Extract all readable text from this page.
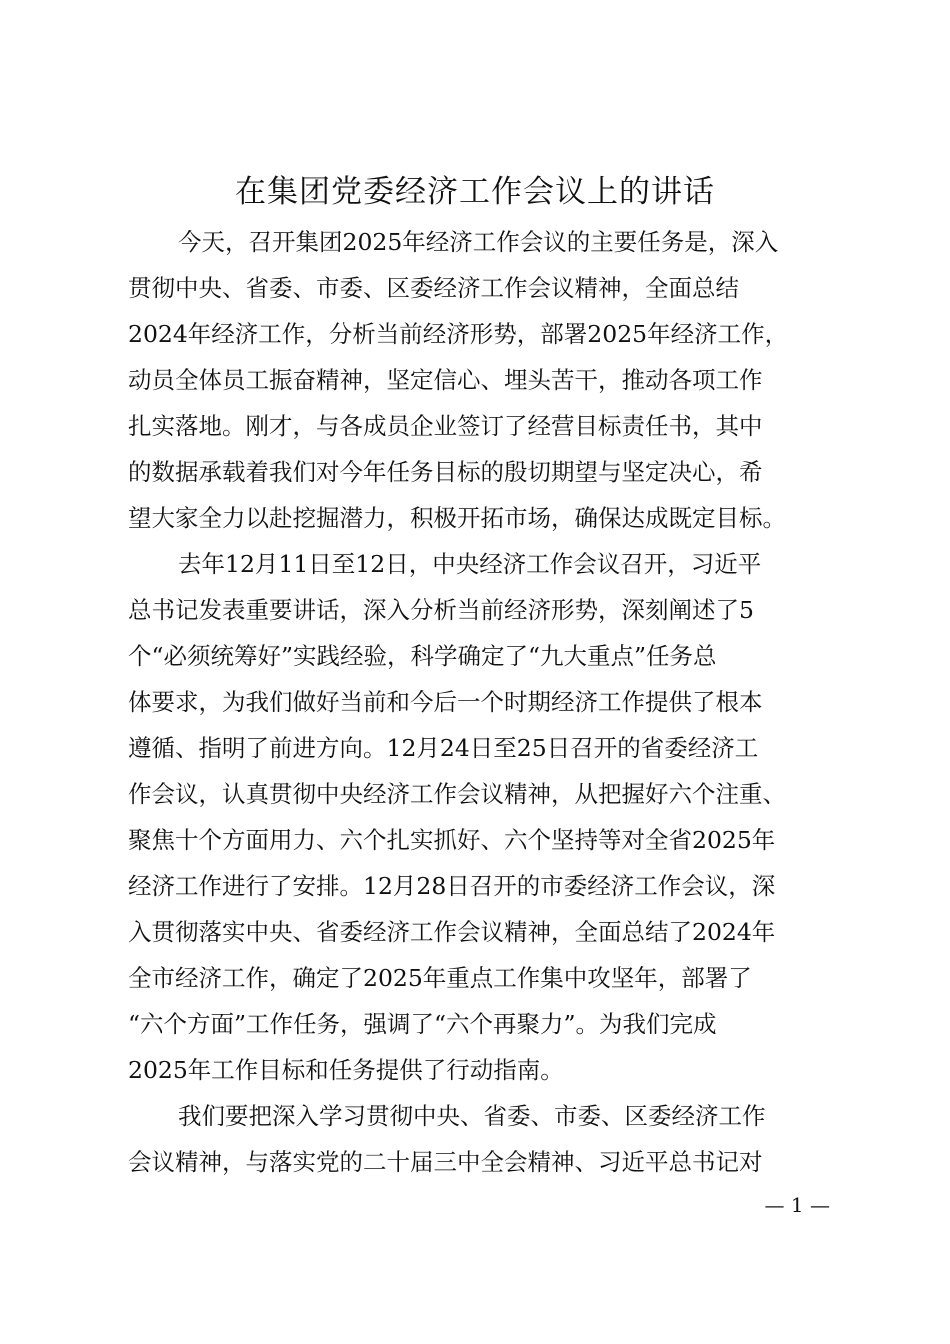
在集团党委经济工作会议上的讲话
今天，召开集团2025年经济工作会议的主要任务是，深入
贯彻中央、省委、市委、区委经济工作会议精神，全面总结
2024年经济工作，分析当前经济形势，部署2025年经济工作，
动员全体员工振奋精神，坚定信心、埋头苦干，推动各项工作
扎实落地。刚才，与各成员企业签订了经营目标责任书，其中
的数据承载着我们对今年任务目标的殷切期望与坚定决心，希
望大家全力以赴挖掘潜力，积极开拓市场，确保达成既定目标。
去年12月11日至12日，中央经济工作会议召开，习近平
总书记发表重要讲话，深入分析当前经济形势，深刻阐述了5
个“必须统筹好”实践经验，科学确定了“九大重点”任务总
体要求，为我们做好当前和今后一个时期经济工作提供了根本
遵循、指明了前进方向。12月24日至25日召开的省委经济工
作会议，认真贯彻中央经济工作会议精神，从把握好六个注重、
聚焦十个方面用力、六个扎实抓好、六个坚持等对全省2025年
经济工作进行了安排。12月28日召开的市委经济工作会议，深
入贯彻落实中央、省委经济工作会议精神，全面总结了2024年
全市经济工作，确定了2025年重点工作集中攻坚年，部署了
“六个方面”工作任务，强调了“六个再聚力”。为我们完成
2025年工作目标和任务提供了行动指南。
我们要把深入学习贯彻中央、省委、市委、区委经济工作
会议精神，与落实党的二十届三中全会精神、习近平总书记对
— 1 —
